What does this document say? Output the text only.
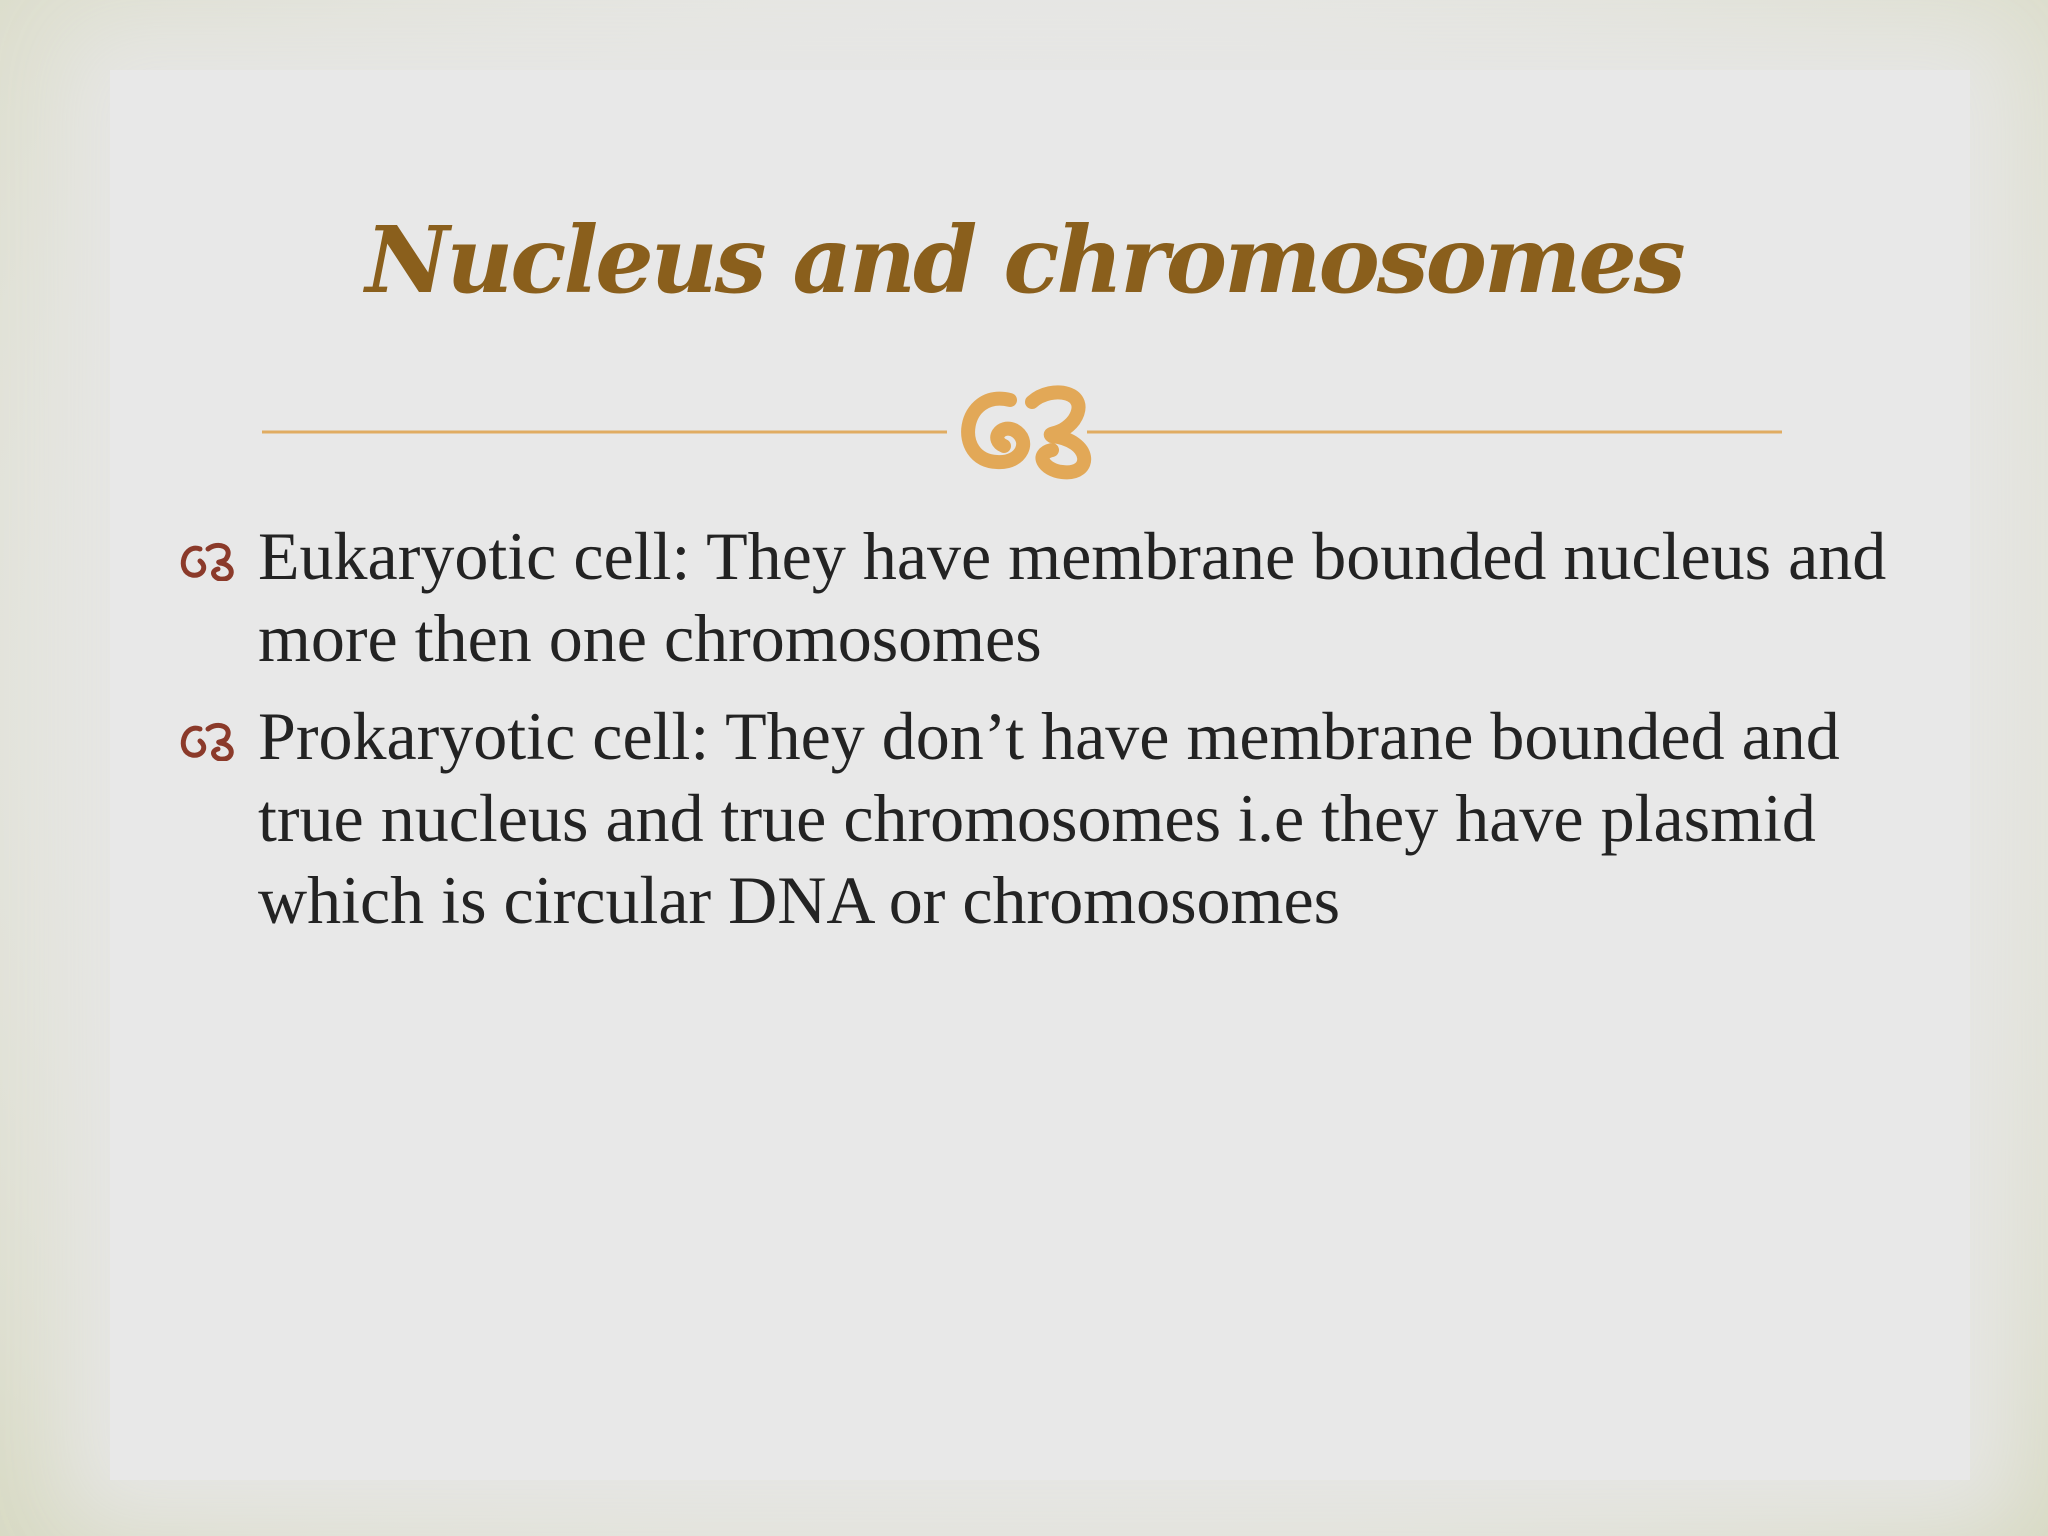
Nucleus and chromosomes
Eukaryotic cell: They have membrane bounded nucleus and more then one chromosomes
Prokaryotic cell: They don’t have membrane bounded and true nucleus and true chromosomes i.e they have plasmid which is circular DNA or chromosomes
